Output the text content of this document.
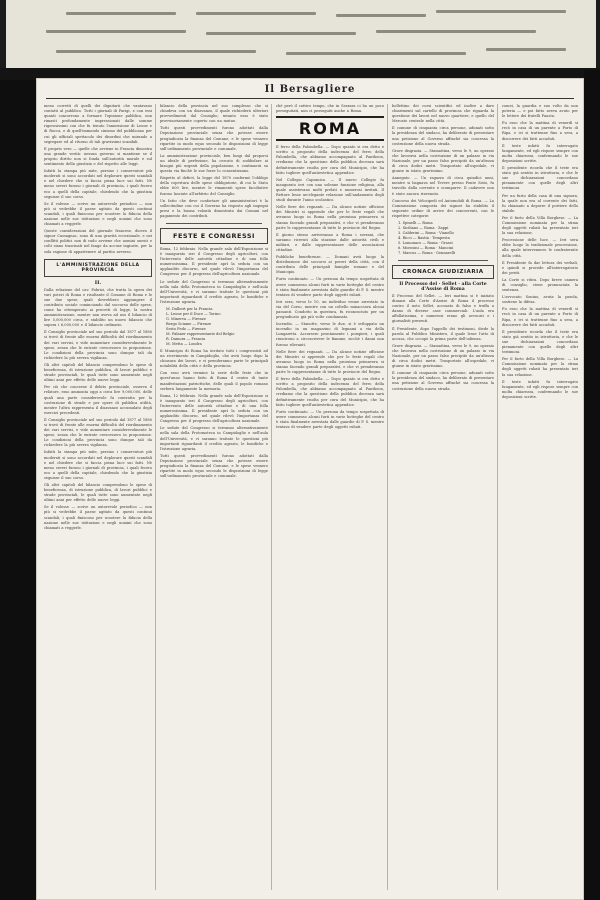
Il Bersagliere

meno corretti di quelli dei dignitarii che vantavano contatti al pubblico. Tutti i giornali di Parigi, e con essi quanti concorrono a formare l'opinione pubblica, non rimasti profondamente impressionati dalle somme rigorosissimi con che fu tenuto l'annessione di Leone e di Rocca, e di quell'immondo cinismo del pubblicano per cui gli ufficiali spettacolo dei disordini che mirando a segregare ed al ritorno di tali gravissimi scandali.

E proprio vero — quelle che avviene in Francia dimostra una grande verità: nessun governo si mantiene se il proprio diritto non si fonda sull'autorità morale e sul sentimento della giustizia e del rispetto alle leggi.

Infatti la stampa più mite, persino i conservatori più moderati si sono accordati nel deplorare questi scandali e nel chiedere che si faccia piena luce sui fatti. Nè meno severi furono i giornali di provincia, i quali fecero eco a quelli della capitale, chiedendo che la giustizia seguisse il suo corso.

Se il volesse — scrive un autorevole periodico — non più si vedrebbe il paese agitato da questi continui scandali, i quali finiscono per scuotere la fiducia della nazione nelle sue istituzioni e negli uomini che sono chiamati a reggerle.

Queste considerazioni del giornale francese, diceva il signor Cassagnac, sono di una gravità eccezionale, e nei conflitti politici non di rado avviene che uomini onesti e colti siano trascinati nel fango da accuse ingiuste, per la sola ragione di appartenere al partito avverso.

L'AMMINISTRAZIONE DELLA PROVINCIA
II.

Dalla relazione del cav. Fabrizi, che tratta la opera dei vari poteri di Roma e risultante il Comune di Roma e le sue due spese, quali dovrebbero aggiungere il contributo sociale cominciando dal soccorso delle spese, come ha ottemperato ai precetti di legge, la nostra amministrazione, mentre non aveva ad uso il bilancio di lire 5,000,000 circa, e stabilito un nuovo bilancio che supera i 6,000,000 e il bilancio ordinario.

Il Consiglio provinciale nel suo periodo dal 1877 al 1880 si trovò di fronte alle enormi difficoltà del riordinamento dei vari servizi, e vide aumentare considerevolmente le spese, senza che le entrate crescessero in proporzione. Le condizioni della provincia sono dunque tali da richiedere la più severa vigilanza.

Gli altri capitoli del bilancio comprendono le spese di beneficenza, di istruzione pubblica, di lavori pubblici e strade provinciali, le quali tutte sono aumentate negli ultimi anni per effetto delle nuove leggi.

Per ciò che concerne il debito provinciale, osserva il relatore, esso ammonta oggi a circa lire 9,000,000, delle quali una parte considerevole fu contratta per la costruzione di strade e per opere di pubblica utilità, mentre l'altra rappresenta il disavanzo accumulato degli esercizi precedenti.

Il Consiglio provinciale nel suo periodo dal 1877 al 1880 si trovò di fronte alle enormi difficoltà del riordinamento dei vari servizi, e vide aumentare considerevolmente le spese, senza che le entrate crescessero in proporzione. Le condizioni della provincia sono dunque tali da richiedere la più severa vigilanza.

Infatti la stampa più mite, persino i conservatori più moderati si sono accordati nel deplorare questi scandali e nel chiedere che si faccia piena luce sui fatti. Nè meno severi furono i giornali di provincia, i quali fecero eco a quelli della capitale, chiedendo che la giustizia seguisse il suo corso.

Gli altri capitoli del bilancio comprendono le spese di beneficenza, di istruzione pubblica, di lavori pubblici e strade provinciali, le quali tutte sono aumentate negli ultimi anni per effetto delle nuove leggi.

Se il volesse — scrive un autorevole periodico — non più si vedrebbe il paese agitato da questi continui scandali, i quali finiscono per scuotere la fiducia della nazione nelle sue istituzioni e negli uomini che sono chiamati a reggerle.

bilancio della provincia nel suo complesso che si chiudeva con un disavanzo, il quale richiederà ulteriori provvedimenti dal Consiglio; intanto esso è stato provvisoriamente coperto con un mutuo.

Tutti questi provvedimenti furono adottati dalla Deputazione provinciale senza che potesse essere pregiudicata la finanza del Comune, e le spese vennero ripartite in modo equo secondo le disposizioni di legge sull'ordinamento provinciale e comunale.

La amministrazione provinciale, ben lungi dal proporsi un ideale di perfezione, ha cercato di soddisfare ai bisogni più urgenti della popolazione, e continuerà su questa via finchè le sue forze lo consentiranno.

Rispetto al deficit, la legge del 1870 confermò l'obbligo della copertura delle spese obbligatorie, di cui lo Stato ebbe 600 lire, mentre le rimanenti spese facoltative furono lasciate all'arbitrio del Consiglio.

Un fatto che deve confortare gli amministratori è la sollecitudine con cui il Governo ha risposto agli impegni presi e la buona volontà dimostrata dai Comuni nel pagamento dei contributi.

FESTE E CONGRESSI

Roma, 12 febbraio. Nella grande sala dell'Esposizione si è inaugurato ieri il Congresso degli agricoltori, con l'intervento delle autorità cittadine e di una folla numerosissima. Il presidente aprì la seduta con un applaudito discorso, nel quale rilevò l'importanza del Congresso per il progresso dell'agricoltura nazionale.

Le sedute del Congresso si terranno alternativamente nella sala della Protomoteca in Campidoglio e nell'aula dell'Università, e vi saranno trattate le questioni più importanti riguardanti il credito agrario, le bonifiche e l'istruzione agraria.

M. Dalbert per la Francia
L. Leone per il Duce — Torino
G. Minerva — Firenze
Bergo Sciame — Firenze
Sesto Fedo — Firenze
M. Palaner rappresentante del Belgio
R. Damora — Francia
M. Metta — Londra

Il Municipio di Roma ha invitato tutti i congressisti ad un ricevimento in Campidoglio, che avrà luogo dopo la chiusura dei lavori, e vi prenderanno parte le principali notabilità della città e della provincia.

Con esso avrà termine la serie delle feste che in quest'anno hanno fatto di Roma il centro di tante manifestazioni patriottiche, delle quali il popolo romano serberà lungamente la memoria.

Roma, 12 febbraio. Nella grande sala dell'Esposizione si è inaugurato ieri il Congresso degli agricoltori, con l'intervento delle autorità cittadine e di una folla numerosissima. Il presidente aprì la seduta con un applaudito discorso, nel quale rilevò l'importanza del Congresso per il progresso dell'agricoltura nazionale.

Le sedute del Congresso si terranno alternativamente nella sala della Protomoteca in Campidoglio e nell'aula dell'Università, e vi saranno trattate le questioni più importanti riguardanti il credito agrario, le bonifiche e l'istruzione agraria.

Tutti questi provvedimenti furono adottati dalla Deputazione provinciale senza che potesse essere pregiudicata la finanza del Comune, e le spese vennero ripartite in modo equo secondo le disposizioni di legge sull'ordinamento provinciale e comunale.

chè però il cattivo tempo, che in Sezzara ci ha un poco perseguitati, non ci perseguiti anche a Roma.

ROMA

Il ferro della Palombella. — Dopo quanto si era detto e scritto a proposito della indecenza del ferro della Palombella, che abbiamo accompagnato al Pantheon, crediamo che la questione della pubblica decenza sarà definitivamente risolta per cura del Municipio, che ha fatto togliere quell'antiestetica appendice.

Nel Collegio Capranica. — Il nuovo Collegio fu inaugurato ieri con una solenne funzione religiosa, alla quale assistevano molti prelati e numerosi invitati. Il Rettore lesse un'elegante relazione sull'andamento degli studi durante l'anno scolastico.

Nelle fiere dei regnanti. — Da alcune notizie officiose dei Ministri si apprende che per le feste regali che avranno luogo in Roma nella prossima primavera si stanno facendo grandi preparativi, e che vi prenderanno parte le rappresentanze di tutte le provincie del Regno.

Il giorno stesso arriveranno a Roma i sovrani, che saranno ricevuti alla stazione dalle autorità civili e militari, e dalle rappresentanze delle associazioni cittadine.

Pubbliche beneficenze. — Domani avrà luogo la distribuzione dei soccorsi ai poveri della città, con il contributo delle principali famiglie romane e del Municipio.

Furto continuato. — Un persona da tempo sospettata di avere commesso alcuni furti in varie botteghe del centro è stata finalmente arrestata dalle guardie di P. S. mentre tentava di vendere parte degli oggetti rubati.

Ieri sera, verso le 10, un individuo venne arrestato in via del Corso, mentre con un coltello minacciava alcuni passanti. Condotto in questura, fu riconosciuto per un pregiudicato già più volte condannato.

Incendio. — Stanotte, verso le due, si è sviluppato un incendio in un magazzino di legnami a via della Lungaretta. Accorsero prontamente i pompieri, i quali riuscirono a circoscrivere le fiamme, sicchè i danni non furono rilevanti.

Nelle fiere dei regnanti. — Da alcune notizie officiose dei Ministri si apprende che per le feste regali che avranno luogo in Roma nella prossima primavera si stanno facendo grandi preparativi, e che vi prenderanno parte le rappresentanze di tutte le provincie del Regno.

Il ferro della Palombella. — Dopo quanto si era detto e scritto a proposito della indecenza del ferro della Palombella, che abbiamo accompagnato al Pantheon, crediamo che la questione della pubblica decenza sarà definitivamente risolta per cura del Municipio, che ha fatto togliere quell'antiestetica appendice.

Furto continuato. — Un persona da tempo sospettata di avere commesso alcuni furti in varie botteghe del centro è stata finalmente arrestata dalle guardie di P. S. mentre tentava di vendere parte degli oggetti rubati.

bollettino dei corsi scientifici ed inoltre a dare chiarimenti sul cartello di provincia che riguarda la questione dei lavori nel nuovo quartiere, e quello del Mercato centrale nella città.

Il comune di cinquanta circa persone, adunati sotto la presidenza del sindaco, ha deliberato di presentare una petizione al Governo affinchè sia concessa la costruzione della nuova strada.

Grave disgrazia. — Stamattina, verso le 9, un operaio che lavorava nella costruzione di un palazzo in via Nazionale, per un passo falso precipitò da un'altezza di circa dodici metri. Trasportato all'ospedale, vi giunse in istato gravissimo.

Annegato. — Un ragazzo di circa quindici anni, mentre si bagnava nel Tevere presso Ponte Sisto, fu travolto dalla corrente e scomparve. Il cadavere non è stato ancora rinvenuto.

Concorso dei Velocipedi ed Automobili di Roma. — La Commissione composta dei signori ha stabilito il seguente ordine di arrivo dei concorrenti, con le rispettive categorie:

1. Spinelli — Roma
2. Siciliano — Roma · Zappi
3. Calderini — Roma · Vianello
4. Ricci — Bastia · Tempesta
5. Lomonaco — Roma · Grassi
6. Morosini — Roma · Mancini
7. Marcus — Roma · Gennarelli
CRONACA GIUDIZIARIA
Il Processo del · Sellet · alla Corte d'Assise di Roma

Il Processo del Sellet. — Ieri mattina si è iniziato dinanzi alla Corte d'Assise di Roma il processo contro il noto Sellet, accusato di falso e truffa a danno di diverse case commerciali. L'aula era affollatissima, e numerosi erano gli avvocati e i giornalisti presenti.

Il Presidente, dopo l'appello dei testimoni, diede la parola al Pubblico Ministero, il quale lesse l'atto di accusa, che occupò la prima parte dell'udienza.

Grave disgrazia. — Stamattina, verso le 9, un operaio che lavorava nella costruzione di un palazzo in via Nazionale, per un passo falso precipitò da un'altezza di circa dodici metri. Trasportato all'ospedale, vi giunse in istato gravissimo.

Il comune di cinquanta circa persone, adunati sotto la presidenza del sindaco, ha deliberato di presentare una petizione al Governo affinchè sia concessa la costruzione della nuova strada.

comei, la guardia e suo volto da non poteria — e poi fatto aveva avuto per le lettere dei fratelli Fausta.

Fu esso che la mattina di venerdì si recò in casa di un parente a Porto di Ripa, e ivi si trattenne fino a sera, a discorrere dei fatti accaduti.

Il teste infatti fu interrogato lungamente, ed egli rispose sempre con molta chiarezza, confermando le sue deposizioni scritte.

Il presidente ricorda che il teste era stato già sentito in istruttoria, e che le sue dichiarazioni concordano pienamente con quelle degli altri testimoni.

Per un furto della casa di una signora, la quale non era al corrente dei fatti, fu chiamato a deporre il portiere dello stabile.

Per il furto della Villa Borghese. — La Commissione nominata per la stima degli oggetti rubati ha presentato ieri la sua relazione.

Processione delle luce. — Ieri sera ebbe luogo la tradizionale processione, alla quale intervennero le confraternite della città.

Il Presidente fa dar lettura dei verbali, e quindi si procede all'interrogatorio dei periti.

La Corte si ritira. Dopo breve camera di consiglio, viene pronunciata la sentenza.

L'avvocato Sonino, avuta la parola, sostiene la difesa.

Fu esso che la mattina di venerdì si recò in casa di un parente a Porto di Ripa, e ivi si trattenne fino a sera, a discorrere dei fatti accaduti.

Il presidente ricorda che il teste era stato già sentito in istruttoria, e che le sue dichiarazioni concordano pienamente con quelle degli altri testimoni.

Per il furto della Villa Borghese. — La Commissione nominata per la stima degli oggetti rubati ha presentato ieri la sua relazione.

Il teste infatti fu interrogato lungamente, ed egli rispose sempre con molta chiarezza, confermando le sue deposizioni scritte.
